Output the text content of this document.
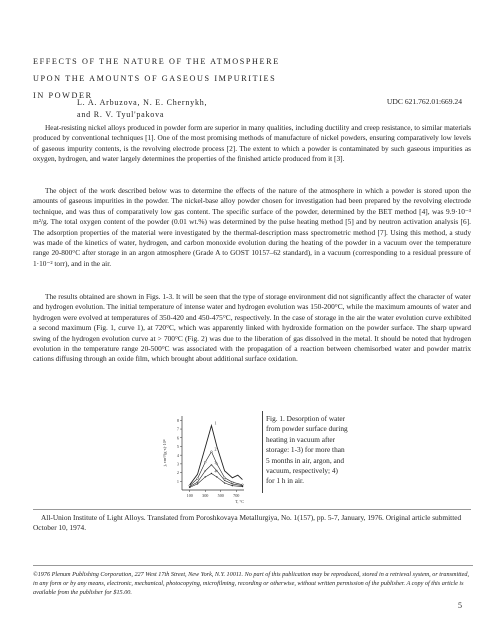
EFFECTS OF THE NATURE OF THE ATMOSPHERE
UPON THE AMOUNTS OF GASEOUS IMPURITIES
IN POWDER
L. A. Arbuzova, N. E. Chernykh,
and R. V. Tyul'pakova
UDC 621.762.01:669.24
Heat-resisting nickel alloys produced in powder form are superior in many qualities, including ductility and creep resistance, to similar materials produced by conventional techniques [1]. One of the most promising methods of manufacture of nickel powders, ensuring comparatively low levels of gaseous impurity contents, is the revolving electrode process [2]. The extent to which a powder is contaminated by such gaseous impurities as oxygen, hydrogen, and water largely determines the properties of the finished article produced from it [3].
The object of the work described below was to determine the effects of the nature of the atmosphere in which a powder is stored upon the amounts of gaseous impurities in the powder. The nickel-base alloy powder chosen for investigation had been prepared by the revolving electrode technique, and was thus of comparatively low gas content. The specific surface of the powder, determined by the BET method [4], was 9.9·10⁻³ m²/g. The total oxygen content of the powder (0.01 wt.%) was determined by the pulse heating method [5] and by neutron activation analysis [6]. The adsorption properties of the material were investigated by the thermal-description mass spectrometric method [7]. Using this method, a study was made of the kinetics of water, hydrogen, and carbon monoxide evolution during the heating of the powder in a vacuum over the temperature range 20-800°C after storage in an argon atmosphere (Grade A to GOST 10157–62 standard), in a vacuum (corresponding to a residual pressure of 1·10⁻² torr), and in the air.
The results obtained are shown in Figs. 1-3. It will be seen that the type of storage environment did not significantly affect the character of water and hydrogen evolution. The initial temperature of intense water and hydrogen evolution was 150-200°C, while the maximum amounts of water and hydrogen were evolved at temperatures of 350-420 and 450-475°C, respectively. In the case of storage in the air the water evolution curve exhibited a second maximum (Fig. 1, curve 1), at 720°C, which was apparently linked with hydroxide formation on the powder surface. The sharp upward swing of the hydrogen evolution curve at > 700°C (Fig. 2) was due to the liberation of gas dissolved in the metal. It should be noted that hydrogen evolution in the temperature range 20-500°C was associated with the propagation of a reaction between chemisorbed water and powder matrix cations diffusing through an oxide film, which brought about additional surface oxidation.
8
7
6
5
4
3
2
1
100 300 500 700
T, °C
j, cm³/(g·s)·10⁸
1
2
3
4
Fig. 1. Desorption of water from powder surface during heating in vacuum after storage: 1-3) for more than 5 months in air, argon, and vacuum, respectively; 4) for 1 h in air.
All-Union Institute of Light Alloys. Translated from Poroshkovaya Metallurgiya, No. 1(157), pp. 5-7, January, 1976. Original article submitted October 10, 1974.
©1976 Plenum Publishing Corporation, 227 West 17th Street, New York, N.Y. 10011. No part of this publication may be reproduced, stored in a retrieval system, or transmitted, in any form or by any means, electronic, mechanical, photocopying, microfilming, recording or otherwise, without written permission of the publisher. A copy of this article is available from the publisher for $15.00.
5
